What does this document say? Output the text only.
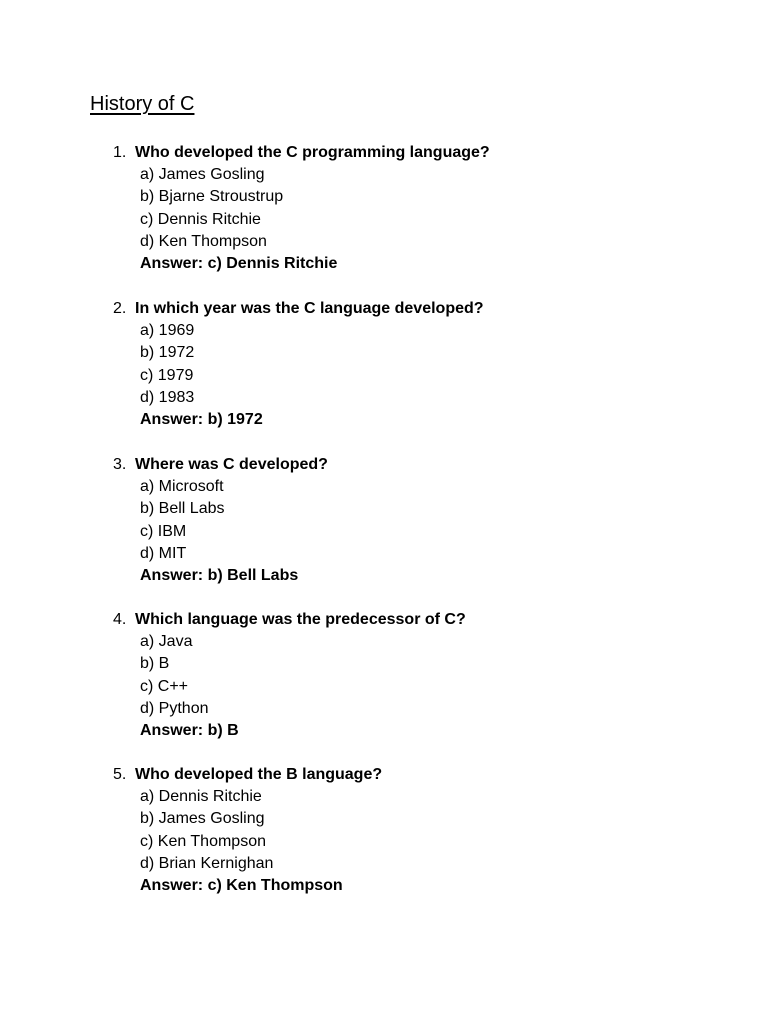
History of C
1. Who developed the C programming language?
a) James Gosling
b) Bjarne Stroustrup
c) Dennis Ritchie
d) Ken Thompson
Answer: c) Dennis Ritchie
2. In which year was the C language developed?
a) 1969
b) 1972
c) 1979
d) 1983
Answer: b) 1972
3. Where was C developed?
a) Microsoft
b) Bell Labs
c) IBM
d) MIT
Answer: b) Bell Labs
4. Which language was the predecessor of C?
a) Java
b) B
c) C++
d) Python
Answer: b) B
5. Who developed the B language?
a) Dennis Ritchie
b) James Gosling
c) Ken Thompson
d) Brian Kernighan
Answer: c) Ken Thompson
